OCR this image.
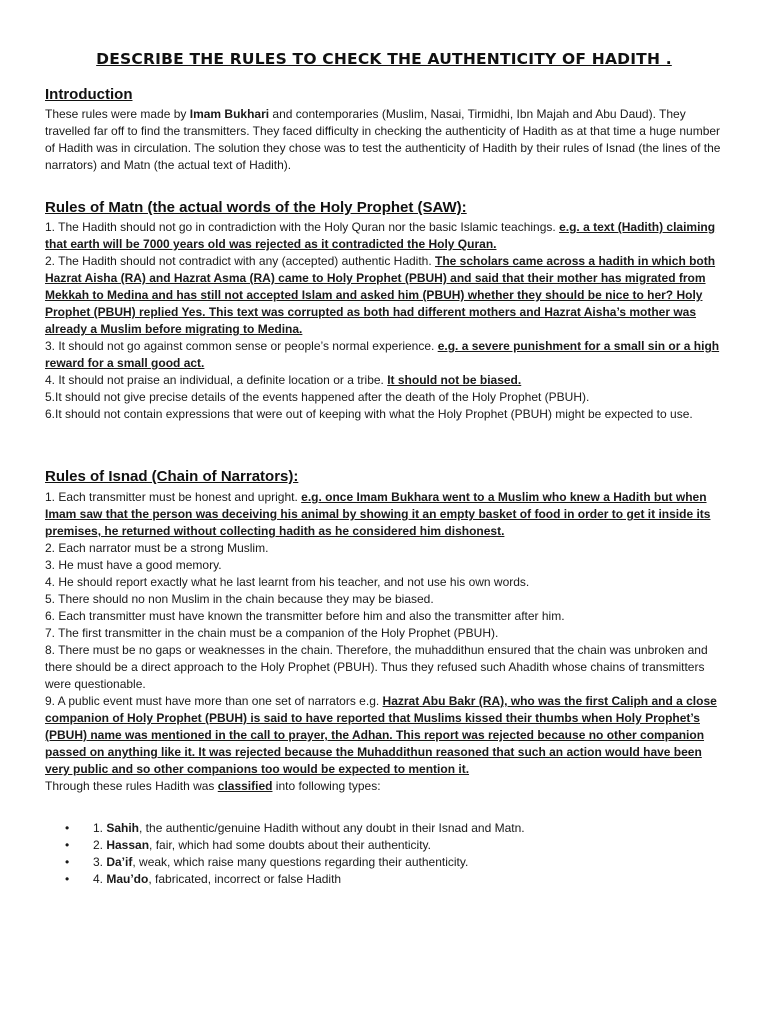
DESCRIBE THE RULES TO CHECK THE AUTHENTICITY OF HADITH .
Introduction

These rules were made by Imam Bukhari and contemporaries (Muslim, Nasai, Tirmidhi, Ibn Majah and Abu Daud). They travelled far off to find the transmitters. They faced difficulty in checking the authenticity of Hadith as at that time a huge number of Hadith was in circulation. The solution they chose was to test the authenticity of Hadith by their rules of Isnad (the lines of the narrators) and Matn (the actual text of Hadith).

Rules of Matn (the actual words of the Holy Prophet (SAW):

1. The Hadith should not go in contradiction with the Holy Quran nor the basic Islamic teachings. e.g. a text (Hadith) claiming that earth will be 7000 years old was rejected as it contradicted the Holy Quran.

2. The Hadith should not contradict with any (accepted) authentic Hadith. The scholars came across a hadith in which both Hazrat Aisha (RA) and Hazrat Asma (RA) came to Holy Prophet (PBUH) and said that their mother has migrated from Mekkah to Medina and has still not accepted Islam and asked him (PBUH) whether they should be nice to her? Holy Prophet (PBUH) replied Yes. This text was corrupted as both had different mothers and Hazrat Aisha’s mother was already a Muslim before migrating to Medina.

3. It should not go against common sense or people’s normal experience. e.g. a severe punishment for a small sin or a high reward for a small good act.

4. It should not praise an individual, a definite location or a tribe. It should not be biased.

5.It should not give precise details of the events happened after the death of the Holy Prophet (PBUH).

6.It should not contain expressions that were out of keeping with what the Holy Prophet (PBUH) might be expected to use.

Rules of Isnad (Chain of Narrators):

1. Each transmitter must be honest and upright. e.g. once Imam Bukhara went to a Muslim who knew a Hadith but when Imam saw that the person was deceiving his animal by showing it an empty basket of food in order to get it inside its premises, he returned without collecting hadith as he considered him dishonest.

2. Each narrator must be a strong Muslim.

3. He must have a good memory.

4. He should report exactly what he last learnt from his teacher, and not use his own words.

5. There should no non Muslim in the chain because they may be biased.

6. Each transmitter must have known the transmitter before him and also the transmitter after him.

7. The first transmitter in the chain must be a companion of the Holy Prophet (PBUH).

8. There must be no gaps or weaknesses in the chain. Therefore, the muhaddithun ensured that the chain was unbroken and there should be a direct approach to the Holy Prophet (PBUH). Thus they refused such Ahadith whose chains of transmitters were questionable.

9. A public event must have more than one set of narrators e.g. Hazrat Abu Bakr (RA), who was the first Caliph and a close companion of Holy Prophet (PBUH) is said to have reported that Muslims kissed their thumbs when Holy Prophet’s (PBUH) name was mentioned in the call to prayer, the Adhan. This report was rejected because no other companion passed on anything like it. It was rejected because the Muhaddithun reasoned that such an action would have been very public and so other companions too would be expected to mention it.

Through these rules Hadith was classified into following types:

• 1. Sahih, the authentic/genuine Hadith without any doubt in their Isnad and Matn.
• 2. Hassan, fair, which had some doubts about their authenticity.
• 3. Da’if, weak, which raise many questions regarding their authenticity.
• 4. Mau’do, fabricated, incorrect or false Hadith
